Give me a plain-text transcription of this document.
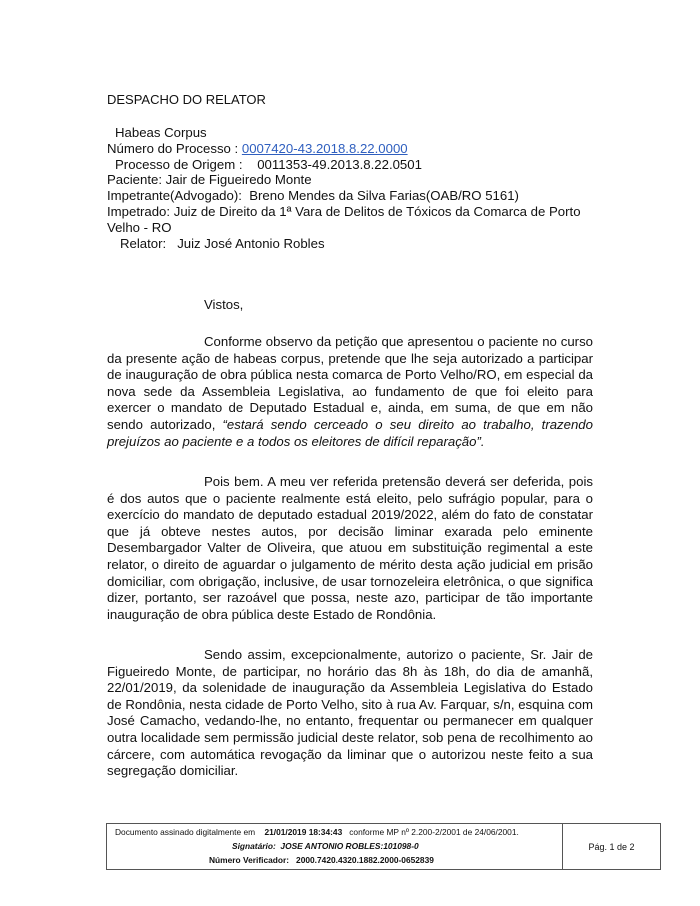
DESPACHO DO RELATOR
Habeas Corpus
Número do Processo : 0007420-43.2018.8.22.0000
Processo de Origem : 0011353-49.2013.8.22.0501
Paciente: Jair de Figueiredo Monte
Impetrante(Advogado): Breno Mendes da Silva Farias(OAB/RO 5161)
Impetrado: Juiz de Direito da 1ª Vara de Delitos de Tóxicos da Comarca de Porto Velho - RO
Relator: Juiz José Antonio Robles
Vistos,

Conforme observo da petição que apresentou o paciente no curso da presente ação de habeas corpus, pretende que lhe seja autorizado a participar de inauguração de obra pública nesta comarca de Porto Velho/RO, em especial da nova sede da Assembleia Legislativa, ao fundamento de que foi eleito para exercer o mandato de Deputado Estadual e, ainda, em suma, de que em não sendo autorizado, “estará sendo cerceado o seu direito ao trabalho, trazendo prejuízos ao paciente e a todos os eleitores de difícil reparação”.

Pois bem. A meu ver referida pretensão deverá ser deferida, pois é dos autos que o paciente realmente está eleito, pelo sufrágio popular, para o exercício do mandato de deputado estadual 2019/2022, além do fato de constatar que já obteve nestes autos, por decisão liminar exarada pelo eminente Desembargador Valter de Oliveira, que atuou em substituição regimental a este relator, o direito de aguardar o julgamento de mérito desta ação judicial em prisão domiciliar, com obrigação, inclusive, de usar tornozeleira eletrônica, o que significa dizer, portanto, ser razoável que possa, neste azo, participar de tão importante inauguração de obra pública deste Estado de Rondônia.

Sendo assim, excepcionalmente, autorizo o paciente, Sr. Jair de Figueiredo Monte, de participar, no horário das 8h às 18h, do dia de amanhã, 22/01/2019, da solenidade de inauguração da Assembleia Legislativa do Estado de Rondônia, nesta cidade de Porto Velho, sito à rua Av. Farquar, s/n, esquina com José Camacho, vedando-lhe, no entanto, frequentar ou permanecer em qualquer outra localidade sem permissão judicial deste relator, sob pena de recolhimento ao cárcere, com automática revogação da liminar que o autorizou neste feito a sua segregação domiciliar.

Documento assinado digitalmente em 21/01/2019 18:34:43 conforme MP nº 2.200-2/2001 de 24/06/2001.
Signatário: JOSE ANTONIO ROBLES:101098-0
Número Verificador: 2000.7420.4320.1882.2000-0652839
Pág. 1 de 2
